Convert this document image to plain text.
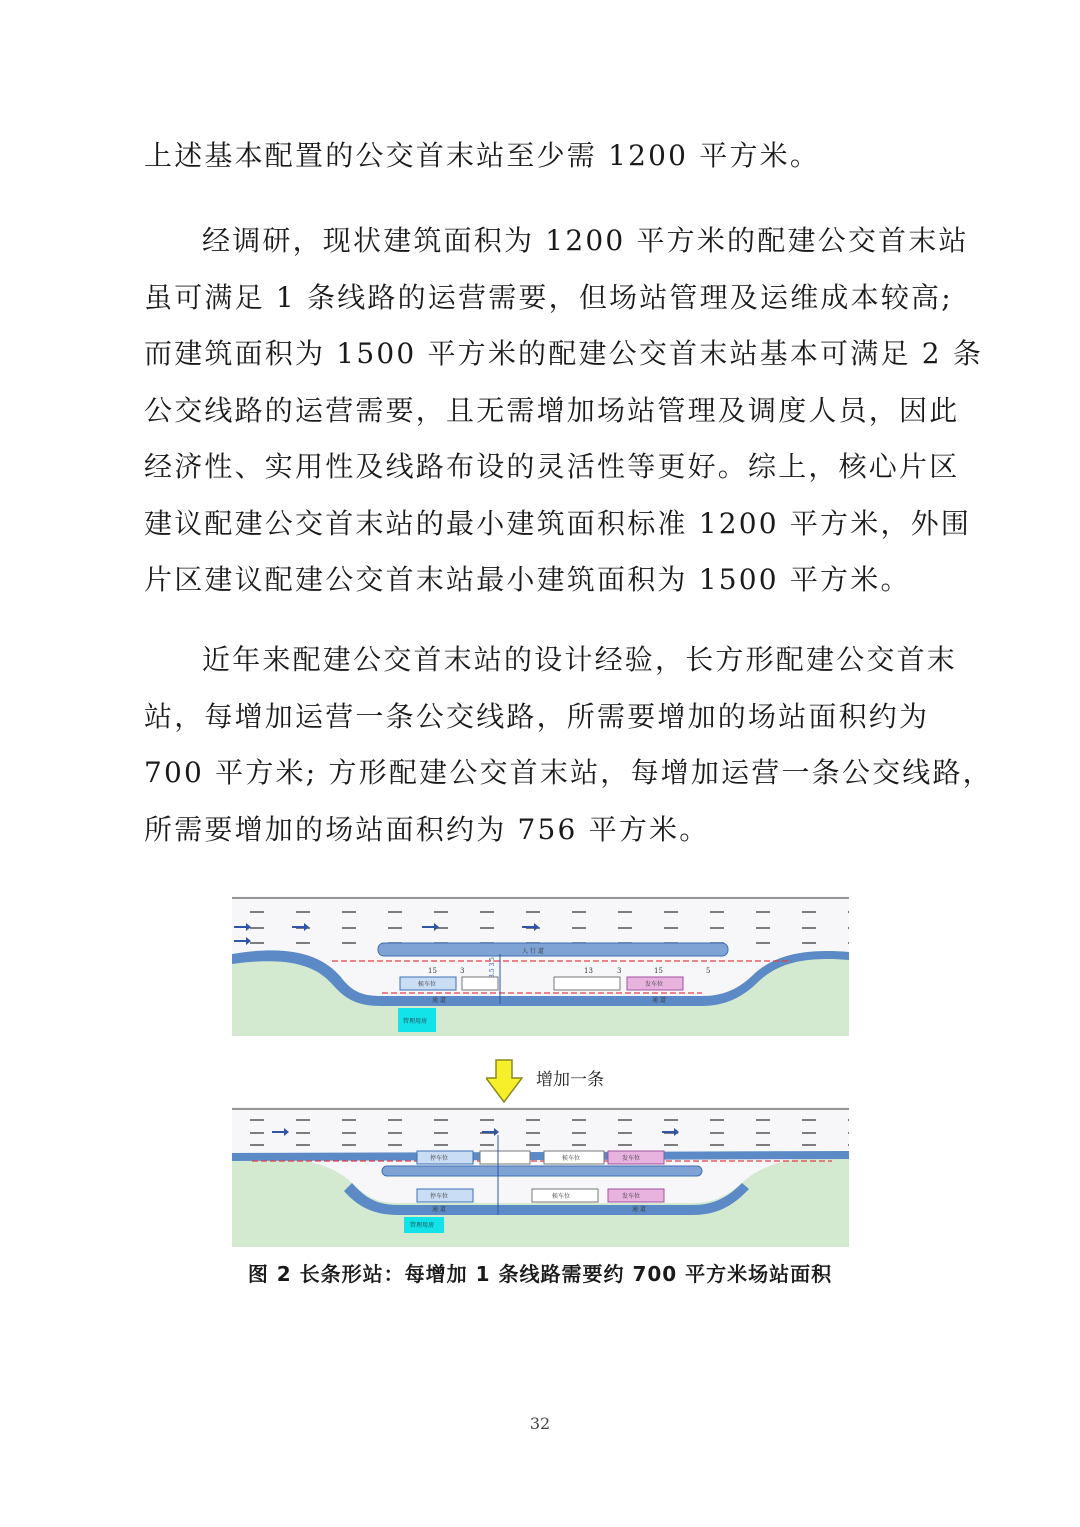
上述基本配置的公交首末站至少需 1200 平方米。

经调研，现状建筑面积为 1200 平方米的配建公交首末站
虽可满足 1 条线路的运营需要，但场站管理及运维成本较高;
而建筑面积为 1500 平方米的配建公交首末站基本可满足 2 条
公交线路的运营需要，且无需增加场站管理及调度人员，因此
经济性、实用性及线路布设的灵活性等更好。综上，核心片区
建议配建公交首末站的最小建筑面积标准 1200 平方米，外围
片区建议配建公交首末站最小建筑面积为 1500 平方米。

近年来配建公交首末站的设计经验，长方形配建公交首末
站，每增加运营一条公交线路，所需要增加的场站面积约为
700 平方米; 方形配建公交首末站，每增加运营一条公交线路，
所需要增加的场站面积约为 756 平方米。

人 行 道
候车位	发车位
3.5 3.5
15	3	13	3	15	5
通 道	通 道
管理用房
增加一条
停车位	候车位	发车位
停车位	候车位	发车位
通 道	通 道
管理用房
图 2 长条形站：每增加 1 条线路需要约 700 平方米场站面积
32
